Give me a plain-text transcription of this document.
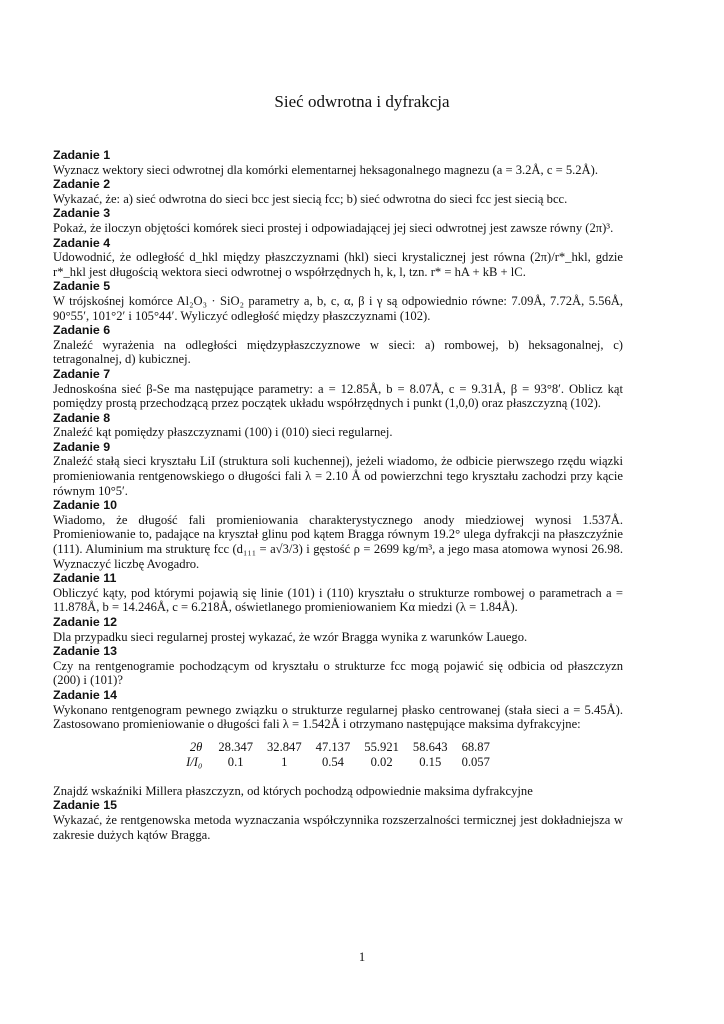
Sieć odwrotna i dyfrakcja
Zadanie 1
Wyznacz wektory sieci odwrotnej dla komórki elementarnej heksagonalnego magnezu (a = 3.2Å, c = 5.2Å).
Zadanie 2
Wykazać, że: a) sieć odwrotna do sieci bcc jest siecią fcc; b) sieć odwrotna do sieci fcc jest siecią bcc.
Zadanie 3
Pokaż, że iloczyn objętości komórek sieci prostej i odpowiadającej jej sieci odwrotnej jest zawsze równy (2π)³.
Zadanie 4
Udowodnić, że odległość d_hkl między płaszczyznami (hkl) sieci krystalicznej jest równa (2π)/r*_hkl, gdzie r*_hkl jest długością wektora sieci odwrotnej o współrzędnych h, k, l, tzn. r* = hA + kB + lC.
Zadanie 5
W trójskośnej komórce Al₂O₃ · SiO₂ parametry a, b, c, α, β i γ są odpowiednio równe: 7.09Å, 7.72Å, 5.56Å, 90°55′, 101°2′ i 105°44′. Wyliczyć odległość między płaszczyznami (102).
Zadanie 6
Znaleźć wyrażenia na odległości międzypłaszczyznowe w sieci: a) rombowej, b) heksagonalnej, c) tetragonalnej, d) kubicznej.
Zadanie 7
Jednoskośna sieć β-Se ma następujące parametry: a = 12.85Å, b = 8.07Å, c = 9.31Å, β = 93°8′. Oblicz kąt pomiędzy prostą przechodzącą przez początek układu współrzędnych i punkt (1,0,0) oraz płaszczyzną (102).
Zadanie 8
Znaleźć kąt pomiędzy płaszczyznami (100) i (010) sieci regularnej.
Zadanie 9
Znaleźć stałą sieci kryształu LiI (struktura soli kuchennej), jeżeli wiadomo, że odbicie pierwszego rzędu wiązki promieniowania rentgenowskiego o długości fali λ = 2.10 Å od powierzchni tego kryształu zachodzi przy kącie równym 10°5′.
Zadanie 10
Wiadomo, że długość fali promieniowania charakterystycznego anody miedziowej wynosi 1.537Å. Promieniowanie to, padające na kryształ glinu pod kątem Bragga równym 19.2° ulega dyfrakcji na płaszczyźnie (111). Aluminium ma strukturę fcc (d₁₁₁ = a√3/3) i gęstość ρ = 2699 kg/m³, a jego masa atomowa wynosi 26.98. Wyznaczyć liczbę Avogadro.
Zadanie 11
Obliczyć kąty, pod którymi pojawią się linie (101) i (110) kryształu o strukturze rombowej o parametrach a = 11.878Å, b = 14.246Å, c = 6.218Å, oświetlanego promieniowaniem Kα miedzi (λ = 1.84Å).
Zadanie 12
Dla przypadku sieci regularnej prostej wykazać, że wzór Bragga wynika z warunków Lauego.
Zadanie 13
Czy na rentgenogramie pochodzącym od kryształu o strukturze fcc mogą pojawić się odbicia od płaszczyzn (200) i (101)?
Zadanie 14
Wykonano rentgenogram pewnego związku o strukturze regularnej płasko centrowanej (stała sieci a = 5.45Å). Zastosowano promieniowanie o długości fali λ = 1.542Å i otrzymano następujące maksima dyfrakcyjne:
2θ	28.347	32.847	47.137	55.921	58.643	68.87
I/I₀	0.1	1	0.54	0.02	0.15	0.057
Znajdź wskaźniki Millera płaszczyzn, od których pochodzą odpowiednie maksima dyfrakcyjne
Zadanie 15
Wykazać, że rentgenowska metoda wyznaczania współczynnika rozszerzalności termicznej jest dokładniejsza w zakresie dużych kątów Bragga.
1
